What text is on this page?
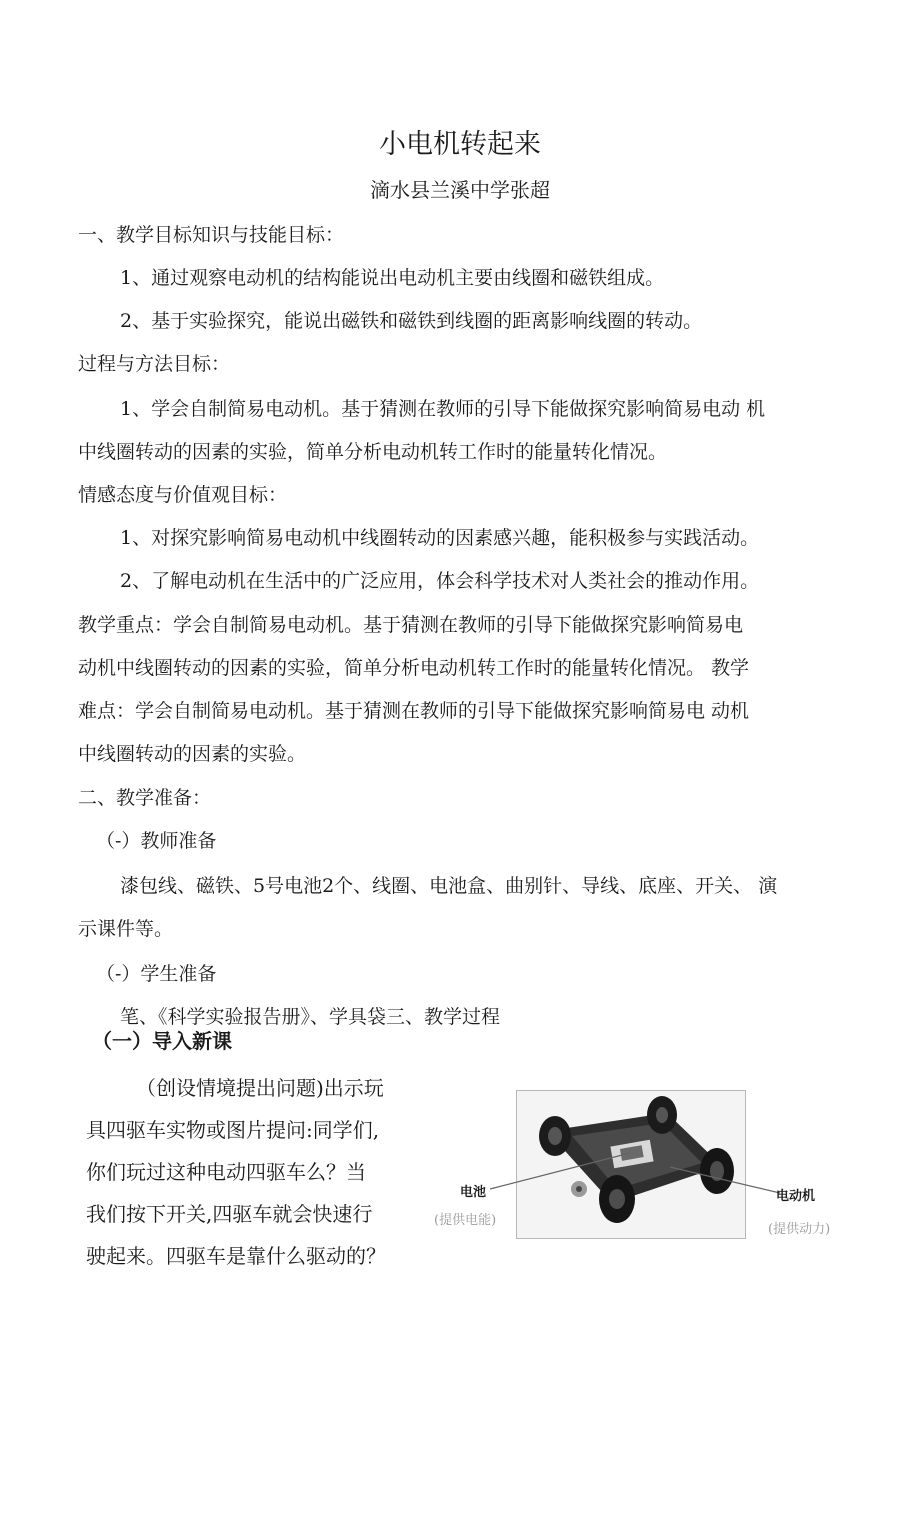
小电机转起来
滴水县兰溪中学张超
一、教学目标知识与技能目标：
1、通过观察电动机的结构能说出电动机主要由线圈和磁铁组成。
2、基于实验探究，能说出磁铁和磁铁到线圈的距离影响线圈的转动。
过程与方法目标：
1、学会自制简易电动机。基于猜测在教师的引导下能做探究影响简易电动 机
中线圈转动的因素的实验，简单分析电动机转工作时的能量转化情况。
情感态度与价值观目标：
1、对探究影响简易电动机中线圈转动的因素感兴趣，能积极参与实践活动。
2、了解电动机在生活中的广泛应用，体会科学技术对人类社会的推动作用。
教学重点：学会自制简易电动机。基于猜测在教师的引导下能做探究影响简易电
动机中线圈转动的因素的实验，简单分析电动机转工作时的能量转化情况。 教学
难点：学会自制简易电动机。基于猜测在教师的引导下能做探究影响简易电 动机
中线圈转动的因素的实验。
二、教学准备：
（-）教师准备
漆包线、磁铁、5号电池2个、线圈、电池盒、曲别针、导线、底座、开关、 演
示课件等。
（-）学生准备
笔、《科学实验报告册》、学具袋三、教学过程
（一）导入新课
（创设情境提出问题)出示玩
具四驱车实物或图片提问:同学们,
你们玩过这种电动四驱车么？当
我们按下开关,四驱车就会快速行
驶起来。四驱车是靠什么驱动的？
电池
(提供电能)
电动机
(提供动力)
